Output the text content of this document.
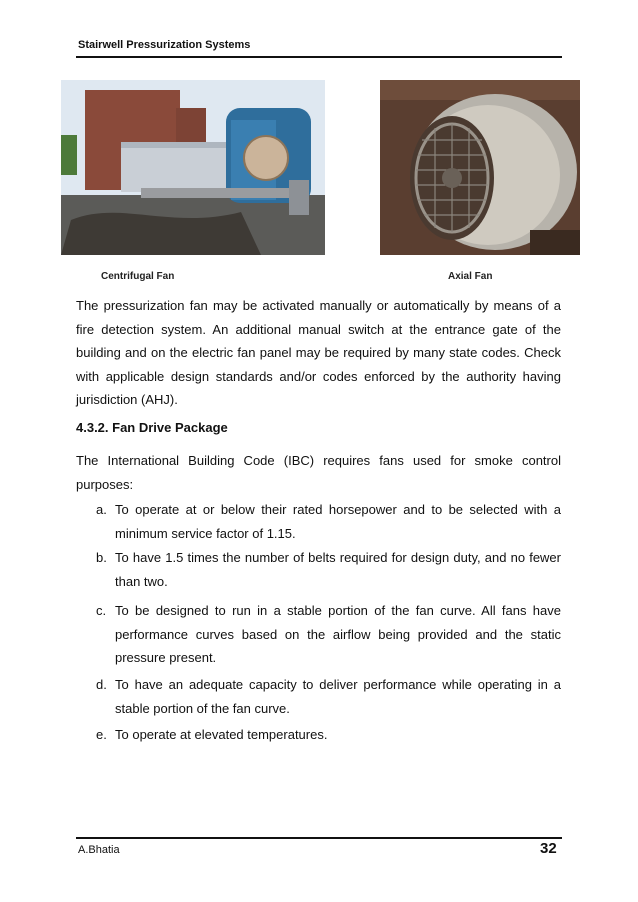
Stairwell Pressurization Systems
Centrifugal Fan	Axial Fan
The pressurization fan may be activated manually or automatically by means of a fire detection system. An additional manual switch at the entrance gate of the building and on the electric fan panel may be required by many state codes. Check with applicable design standards and/or codes enforced by the authority having jurisdiction (AHJ).
4.3.2. Fan Drive Package
The International Building Code (IBC) requires fans used for smoke control purposes:
a. To operate at or below their rated horsepower and to be selected with a minimum service factor of 1.15.
b. To have 1.5 times the number of belts required for design duty, and no fewer than two.
c. To be designed to run in a stable portion of the fan curve. All fans have performance curves based on the airflow being provided and the static pressure present.
d. To have an adequate capacity to deliver performance while operating in a stable portion of the fan curve.
e. To operate at elevated temperatures.
A.Bhatia	32
